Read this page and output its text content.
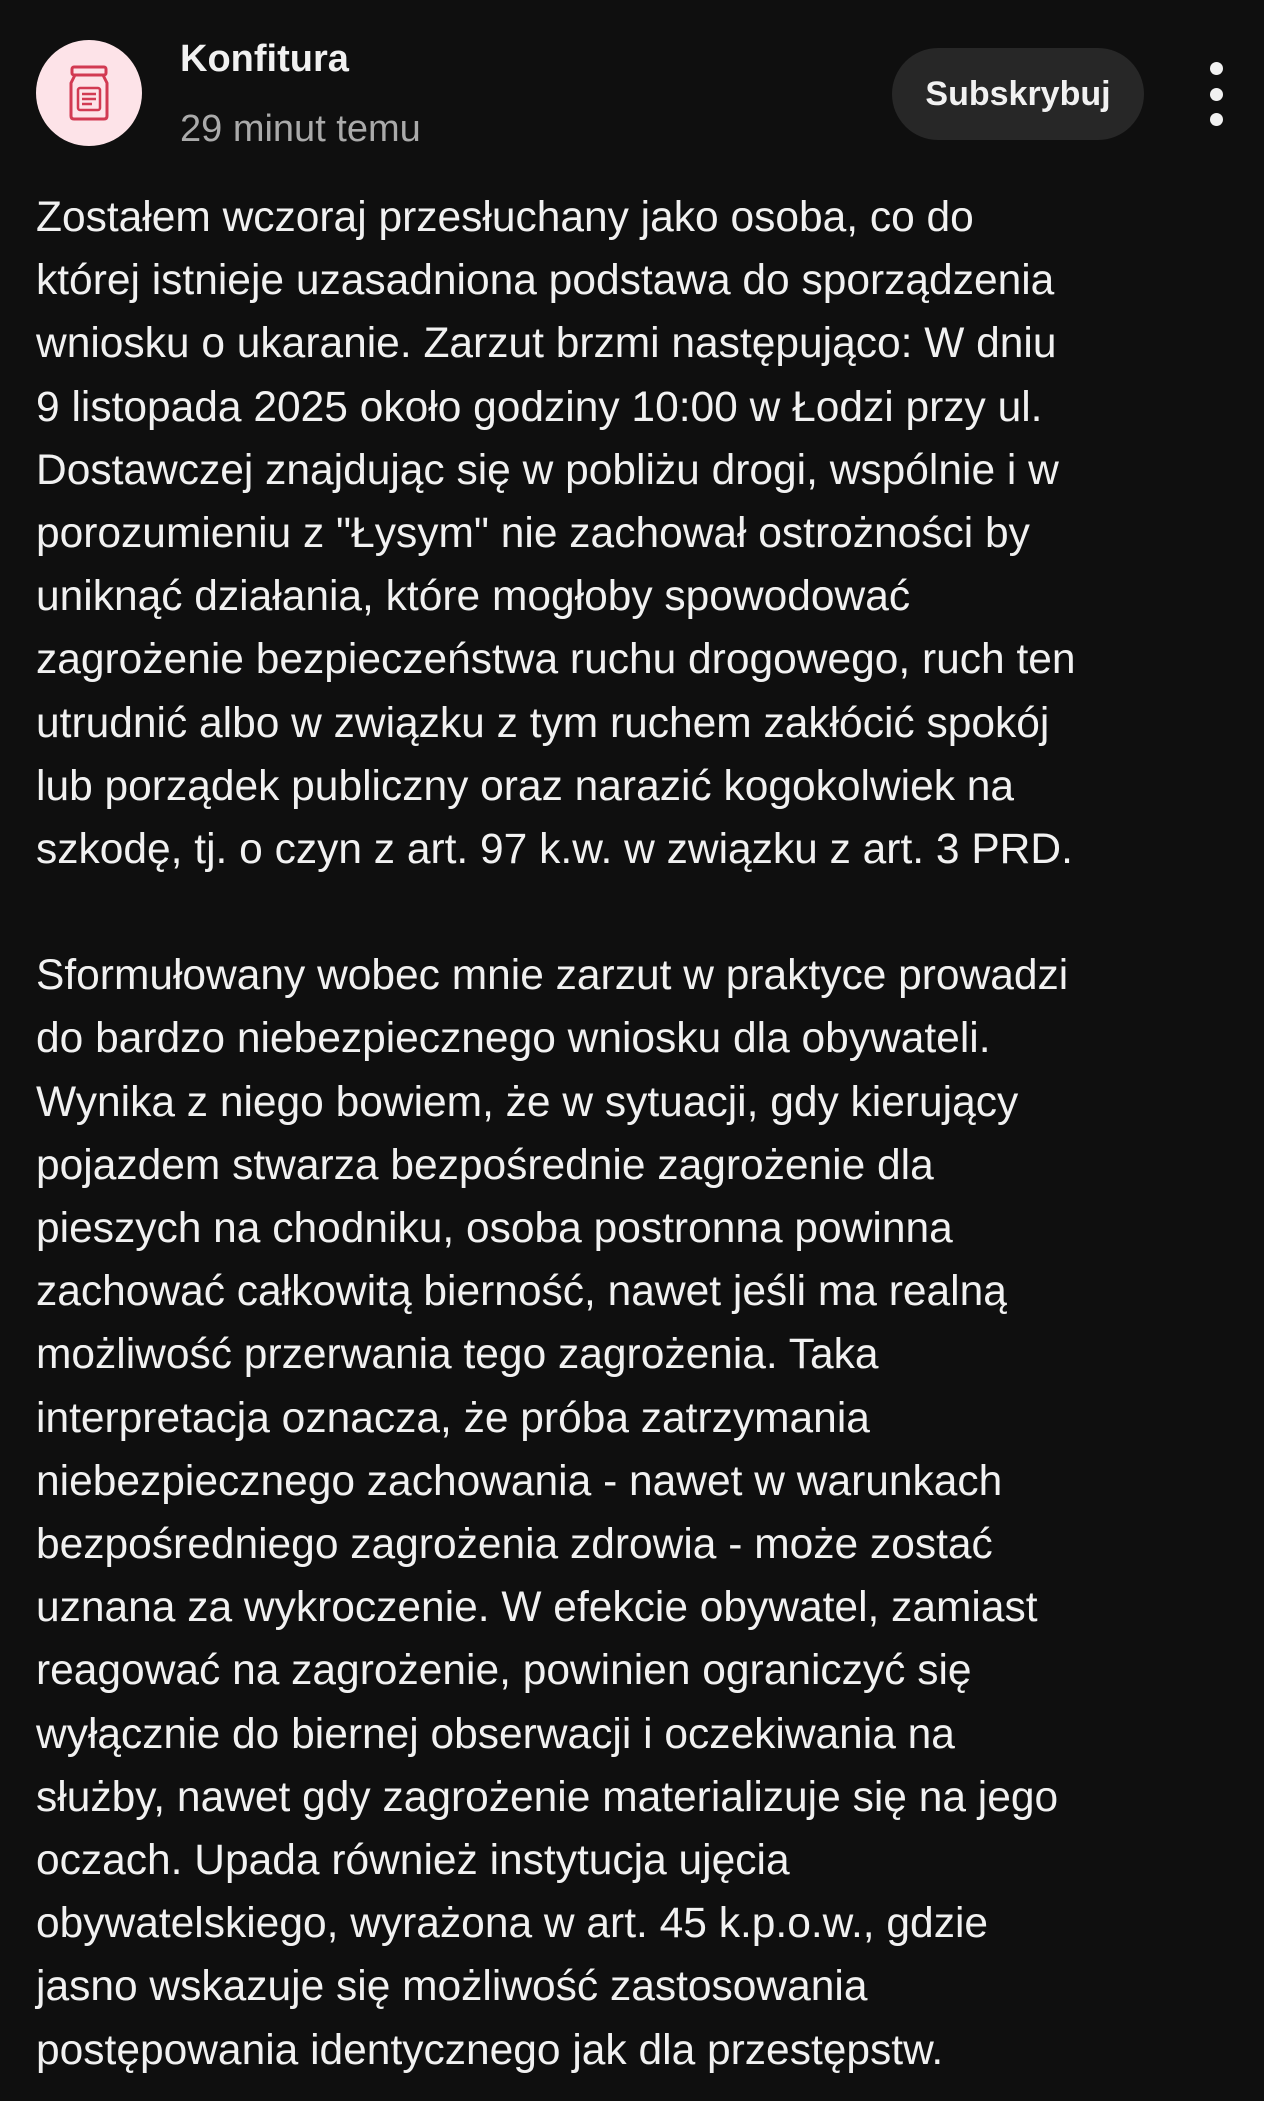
Konfitura
29 minut temu
Subskrybuj

Zostałem wczoraj przesłuchany jako osoba, co do
której istnieje uzasadniona podstawa do sporządzenia
wniosku o ukaranie. Zarzut brzmi następująco: W dniu
9 listopada 2025 około godziny 10:00 w Łodzi przy ul.
Dostawczej znajdując się w pobliżu drogi, wspólnie i w
porozumieniu z "Łysym" nie zachował ostrożności by
uniknąć działania, które mogłoby spowodować
zagrożenie bezpieczeństwa ruchu drogowego, ruch ten
utrudnić albo w związku z tym ruchem zakłócić spokój
lub porządek publiczny oraz narazić kogokolwiek na
szkodę, tj. o czyn z art. 97 k.w. w związku z art. 3 PRD.

Sformułowany wobec mnie zarzut w praktyce prowadzi
do bardzo niebezpiecznego wniosku dla obywateli.
Wynika z niego bowiem, że w sytuacji, gdy kierujący
pojazdem stwarza bezpośrednie zagrożenie dla
pieszych na chodniku, osoba postronna powinna
zachować całkowitą bierność, nawet jeśli ma realną
możliwość przerwania tego zagrożenia. Taka
interpretacja oznacza, że próba zatrzymania
niebezpiecznego zachowania - nawet w warunkach
bezpośredniego zagrożenia zdrowia - może zostać
uznana za wykroczenie. W efekcie obywatel, zamiast
reagować na zagrożenie, powinien ograniczyć się
wyłącznie do biernej obserwacji i oczekiwania na
służby, nawet gdy zagrożenie materializuje się na jego
oczach. Upada również instytucja ujęcia
obywatelskiego, wyrażona w art. 45 k.p.o.w., gdzie
jasno wskazuje się możliwość zastosowania
postępowania identycznego jak dla przestępstw.
